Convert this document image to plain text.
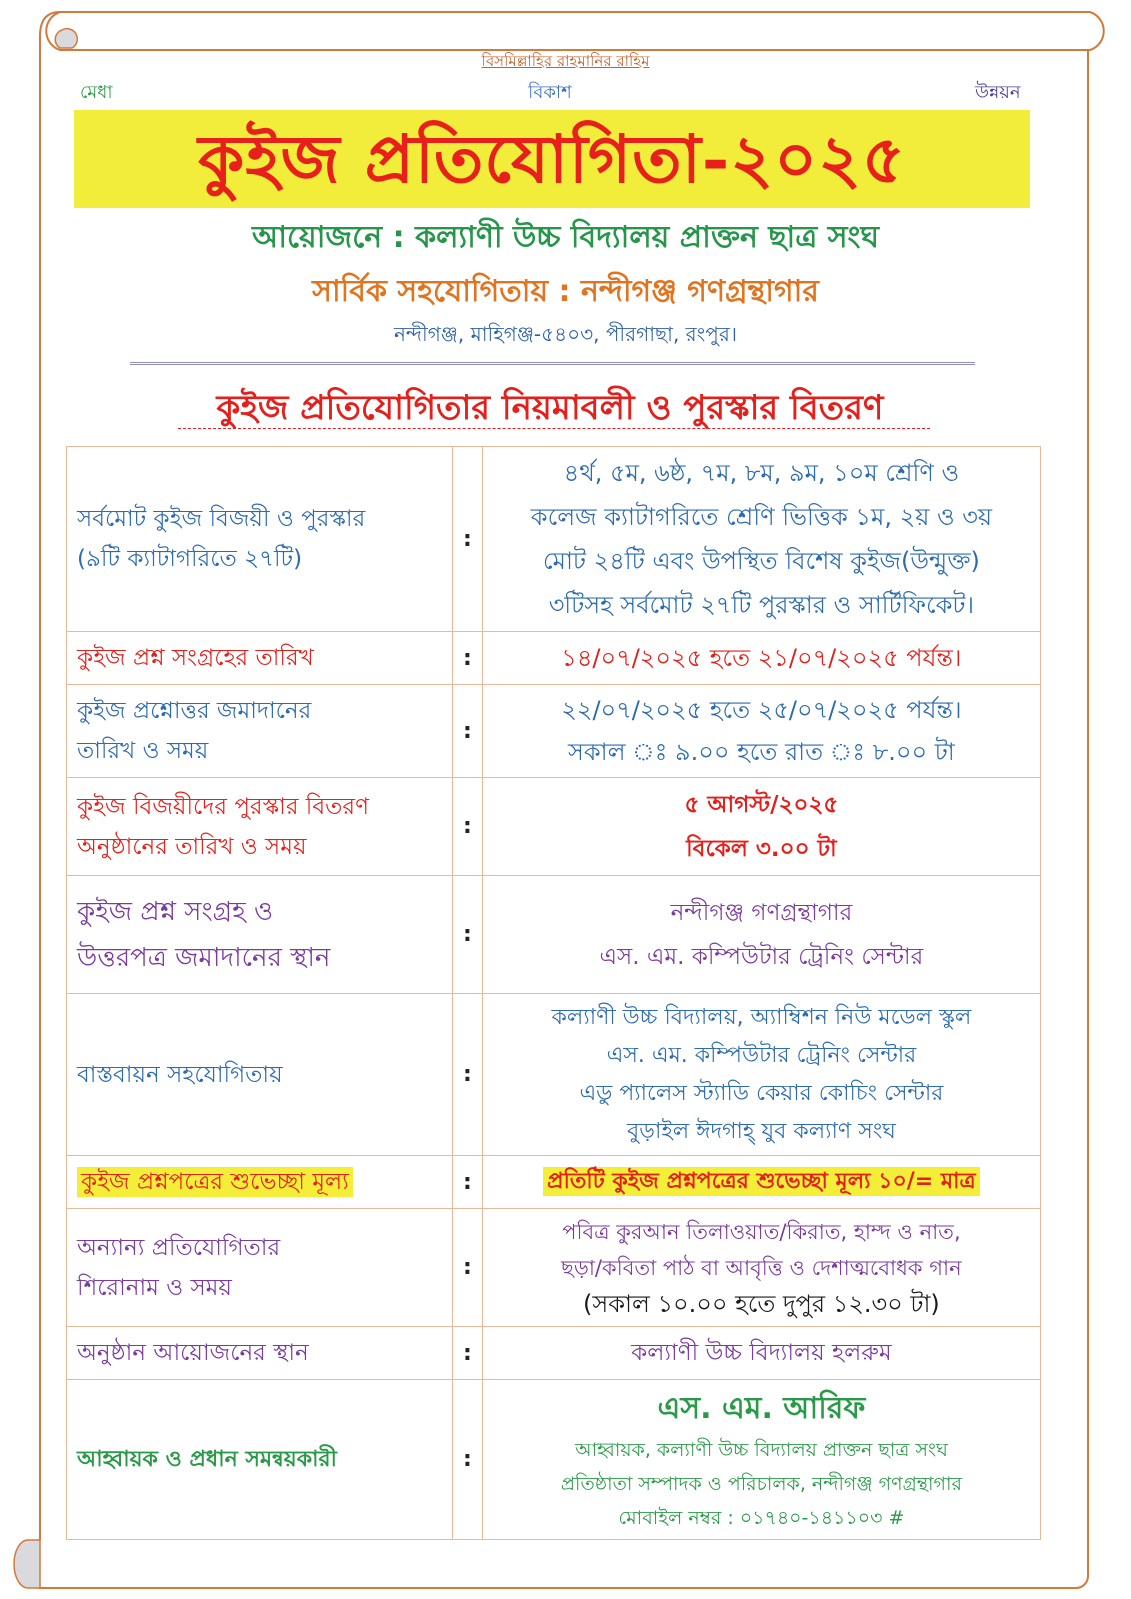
বিসমিল্লাহির রাহমানির রাহিম
মেধা	বিকাশ	উন্নয়ন
কুইজ প্রতিযোগিতা-২০২৫
আয়োজনে : কল্যাণী উচ্চ বিদ্যালয় প্রাক্তন ছাত্র সংঘ
সার্বিক সহযোগিতায় : নন্দীগঞ্জ গণগ্রন্থাগার
নন্দীগঞ্জ, মাহিগঞ্জ-৫৪০৩, পীরগাছা, রংপুর।
কুইজ প্রতিযোগিতার নিয়মাবলী ও পুরস্কার বিতরণ
সর্বমোট কুইজ বিজয়ী ও পুরস্কার
(৯টি ক্যাটাগরিতে ২৭টি)	:	৪র্থ, ৫ম, ৬ষ্ঠ, ৭ম, ৮ম, ৯ম, ১০ম শ্রেণি ও
কলেজ ক্যাটাগরিতে শ্রেণি ভিত্তিক ১ম, ২য় ও ৩য়
মোট ২৪টি এবং উপস্থিত বিশেষ কুইজ(উন্মুক্ত)
৩টিসহ সর্বমোট ২৭টি পুরস্কার ও সার্টিফিকেট।

কুইজ প্রশ্ন সংগ্রহের তারিখ	:	১৪/০৭/২০২৫ হতে ২১/০৭/২০২৫ পর্যন্ত।

কুইজ প্রশ্নোত্তর জমাদানের
তারিখ ও সময়	:	২২/০৭/২০২৫ হতে ২৫/০৭/২০২৫ পর্যন্ত।
সকাল ঃ ৯.০০ হতে রাত ঃ ৮.০০ টা

কুইজ বিজয়ীদের পুরস্কার বিতরণ
অনুষ্ঠানের তারিখ ও সময়	:	৫ আগস্ট/২০২৫
বিকেল ৩.০০ টা

কুইজ প্রশ্ন সংগ্রহ ও
উত্তরপত্র জমাদানের স্থান	:	নন্দীগঞ্জ গণগ্রন্থাগার
এস. এম. কম্পিউটার ট্রেনিং সেন্টার

বাস্তবায়ন সহযোগিতায়	:	কল্যাণী উচ্চ বিদ্যালয়, অ্যাম্বিশন নিউ মডেল স্কুল
এস. এম. কম্পিউটার ট্রেনিং সেন্টার
এডু প্যালেস স্ট্যাডি কেয়ার কোচিং সেন্টার
বুড়াইল ঈদগাহ্ যুব কল্যাণ সংঘ

কুইজ প্রশ্নপত্রের শুভেচ্ছা মূল্য	:	প্রতিটি কুইজ প্রশ্নপত্রের শুভেচ্ছা মূল্য ১০/= মাত্র

অন্যান্য প্রতিযোগিতার
শিরোনাম ও সময়	:	পবিত্র কুরআন তিলাওয়াত/কিরাত, হাম্দ ও নাত,
ছড়া/কবিতা পাঠ বা আবৃত্তি ও দেশাত্মবোধক গান
(সকাল ১০.০০ হতে দুপুর ১২.৩০ টা)

অনুষ্ঠান আয়োজনের স্থান	:	কল্যাণী উচ্চ বিদ্যালয় হলরুম

আহ্বায়ক ও প্রধান সমন্বয়কারী	:	এস. এম. আরিফ
আহ্বায়ক, কল্যাণী উচ্চ বিদ্যালয় প্রাক্তন ছাত্র সংঘ
প্রতিষ্ঠাতা সম্পাদক ও পরিচালক, নন্দীগঞ্জ গণগ্রন্থাগার
মোবাইল নম্বর : ০১৭৪০-১৪১১০৩ #
